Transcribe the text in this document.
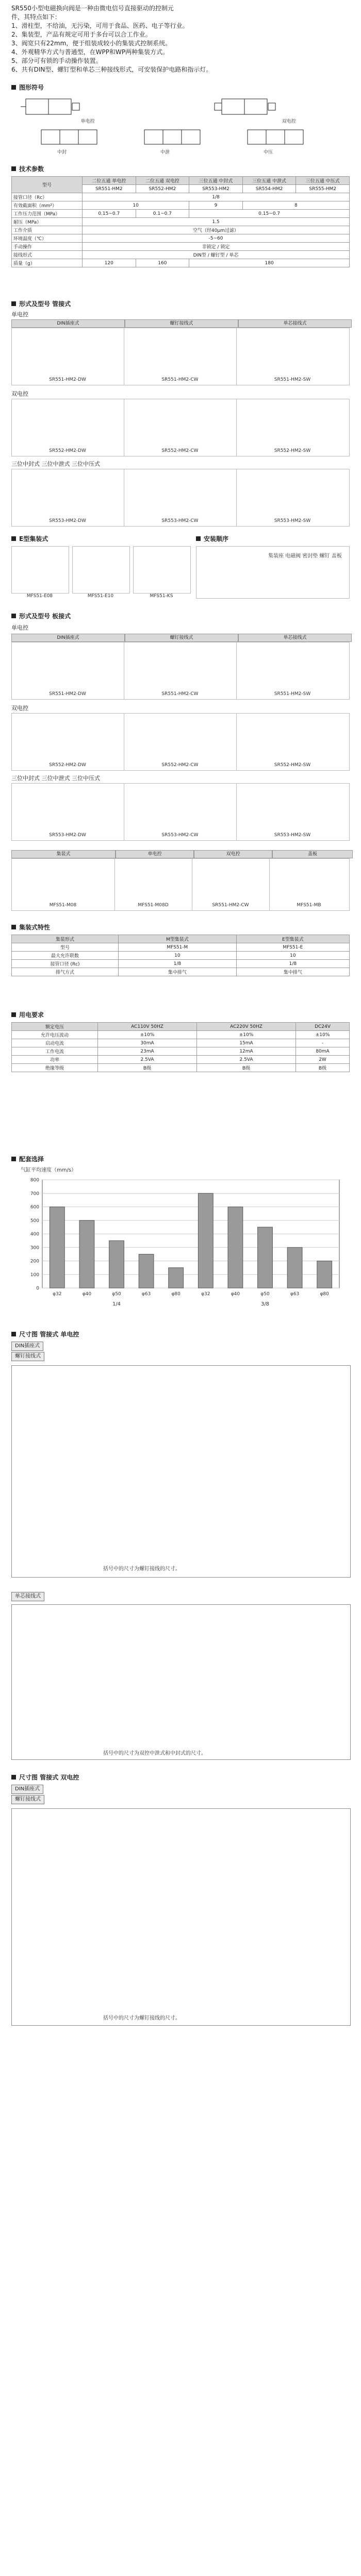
SR550小型电磁换向阀是一种由微电信号直接驱动的控制元
件，其特点如下：
1、滑柱型，不给油，无污染，可用于食品、医药、电子等行业。
2、集装型，产品有规定可用于多台可以合工作业。
3、阀宽只有22mm，便于组装成较小的集装式控制系统。
4、外观精华方式与普通型，在WPP和WP两种集装方式。
5、部分可有锁的手动操作装置。
6、共有DIN型、螺钉型和单芯三种接线形式，可安装保护电路和指示灯。
图形符号
单电控	双电控
中封	中泄	中压
技术参数
型号	二位五通 单电控	二位五通 双电控	三位五通 中封式	三位五通 中泄式	三位五通 中压式
	SR551-HM2	SR552-HM2	SR553-HM2	SR554-HM2	SR555-HM2
接管口径（Rc）	1/8				
有效截面积（mm²）	10		9	8	
工作压力范围（MPa）	0.15~0.7	0.1~0.7	0.15~0.7		
耐压（MPa）	1.5				
工作介质	空气（经40μm过滤）				
环境温度（℃）	-5~60				
手动操作	非锁定 / 锁定				
接线形式	DIN型 / 螺钉型 / 单芯				
质量（g）	120	160	180		
形式及型号 管接式
单电控
DIN插座式	螺钉接线式	单芯接线式
SR551-HM2-DW	SR551-HM2-CW	SR551-HM2-SW
双电控
SR552-HM2-DW	SR552-HM2-CW	SR552-HM2-SW
三位中封式 三位中泄式 三位中压式
SR553-HM2-DW	SR553-HM2-CW	SR553-HM2-SW
E型集装式	安装顺序
MFS51-E08	MFS51-E10	MFS51-KS
集装座 电磁阀 密封垫 螺钉 盖板
形式及型号 板接式
DIN插座式	螺钉接线式	单芯接线式
单电控
SR551-HM2-DW	SR551-HM2-CW	SR551-HM2-SW
双电控
SR552-HM2-DW	SR552-HM2-CW	SR552-HM2-SW
三位中封式 三位中泄式 三位中压式
SR553-HM2-DW	SR553-HM2-CW	SR553-HM2-SW
集装式	单电控	双电控	盖板
MFS51-M08	MFS51-M08D	SR551-HM2-CW	MFS51-MB
集装式特性
集装形式	M型集装式	E型集装式
型号	MFS51-M	MFS51-E
最大允许联数	10	10
接管口径 (Rc)	1/8	1/8
排气方式	集中排气	集中排气
用电要求
额定电压	AC110V 50HZ	AC220V 50HZ	DC24V
允许电压波动	±10%	±10%	±10%
启动电流	30mA	15mA	-
工作电流	23mA	12mA	80mA
功率	2.5VA	2.5VA	2W
绝缘等级	B级	B级	B级
配套选择
气缸平均速度（mm/s）
0
100
200
300
400
500
600
700
800
φ32	φ40	φ50	φ63	φ80	φ32	φ40	φ50	φ63	φ80
1/4	3/8
尺寸图 管接式 单电控
DIN插座式
螺钉接线式
括号中的尺寸为螺钉接线的尺寸。
单芯接线式
括号中的尺寸为双控中泄式和中封式的尺寸。
尺寸图 管接式 双电控
DIN插座式
螺钉接线式
括号中的尺寸为螺钉接线的尺寸。
